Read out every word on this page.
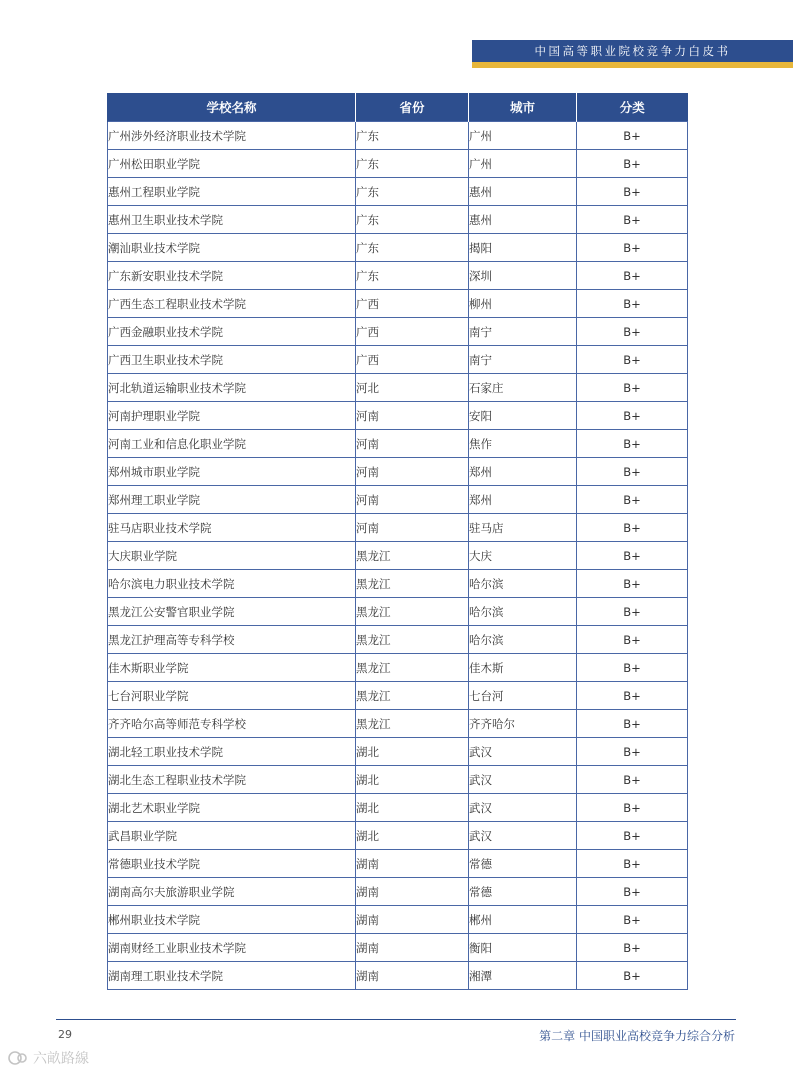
中国高等职业院校竞争力白皮书
学校名称	省份	城市	分类
广州涉外经济职业技术学院	广东	广州	B+
广州松田职业学院	广东	广州	B+
惠州工程职业学院	广东	惠州	B+
惠州卫生职业技术学院	广东	惠州	B+
潮汕职业技术学院	广东	揭阳	B+
广东新安职业技术学院	广东	深圳	B+
广西生态工程职业技术学院	广西	柳州	B+
广西金融职业技术学院	广西	南宁	B+
广西卫生职业技术学院	广西	南宁	B+
河北轨道运输职业技术学院	河北	石家庄	B+
河南护理职业学院	河南	安阳	B+
河南工业和信息化职业学院	河南	焦作	B+
郑州城市职业学院	河南	郑州	B+
郑州理工职业学院	河南	郑州	B+
驻马店职业技术学院	河南	驻马店	B+
大庆职业学院	黑龙江	大庆	B+
哈尔滨电力职业技术学院	黑龙江	哈尔滨	B+
黑龙江公安警官职业学院	黑龙江	哈尔滨	B+
黑龙江护理高等专科学校	黑龙江	哈尔滨	B+
佳木斯职业学院	黑龙江	佳木斯	B+
七台河职业学院	黑龙江	七台河	B+
齐齐哈尔高等师范专科学校	黑龙江	齐齐哈尔	B+
湖北轻工职业技术学院	湖北	武汉	B+
湖北生态工程职业技术学院	湖北	武汉	B+
湖北艺术职业学院	湖北	武汉	B+
武昌职业学院	湖北	武汉	B+
常德职业技术学院	湖南	常德	B+
湖南高尔夫旅游职业学院	湖南	常德	B+
郴州职业技术学院	湖南	郴州	B+
湖南财经工业职业技术学院	湖南	衡阳	B+
湖南理工职业技术学院	湖南	湘潭	B+
29	第二章 中国职业高校竞争力综合分析
六畝路線
